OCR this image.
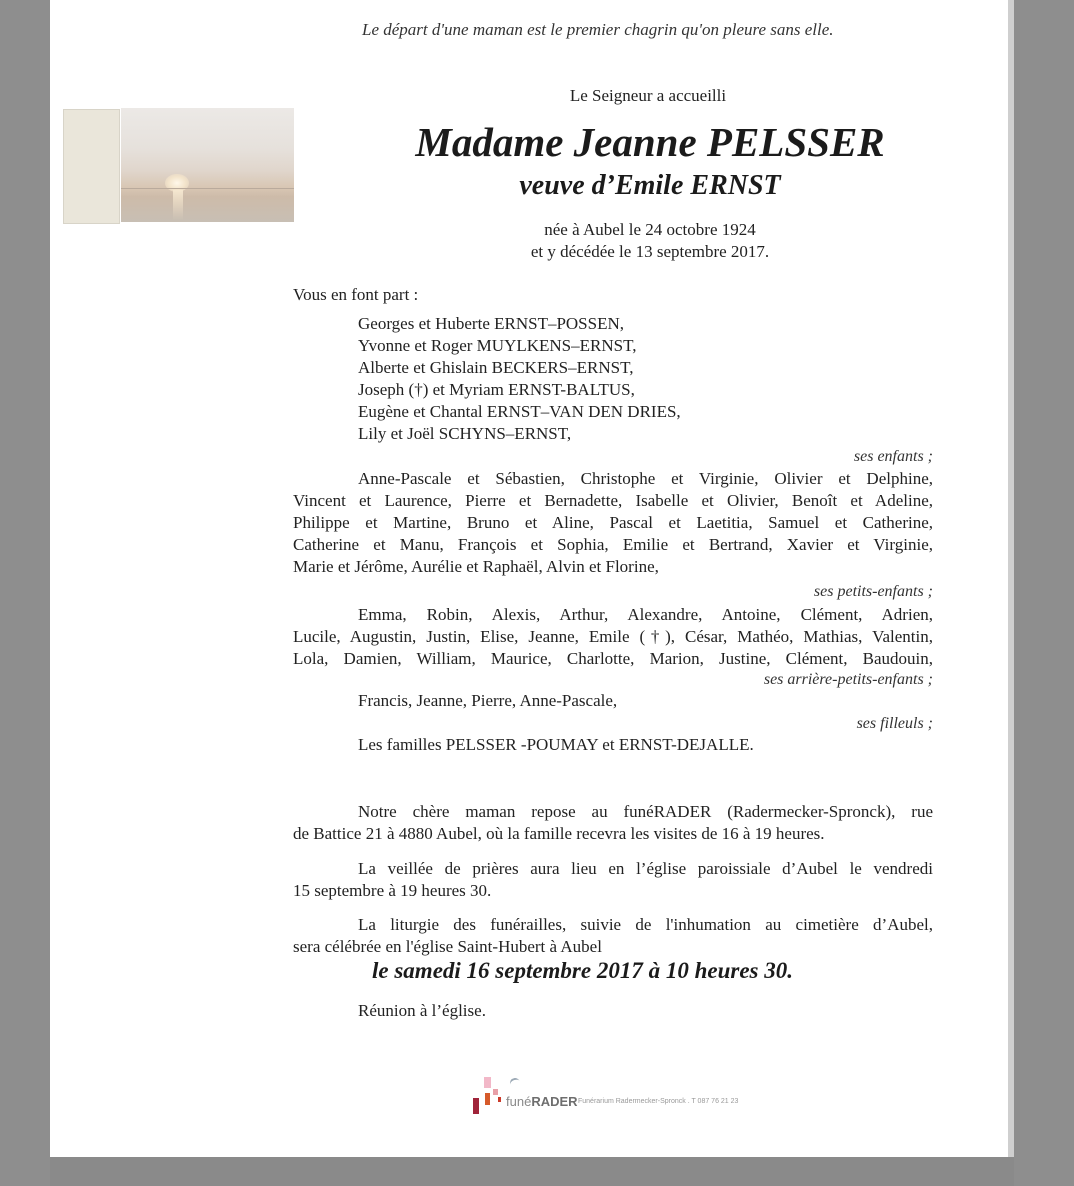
Le départ d'une maman est le premier chagrin qu'on pleure sans elle.
Le Seigneur a accueilli
Madame Jeanne PELSSER
veuve d’Emile ERNST
née à Aubel le 24 octobre 1924
et y décédée le 13 septembre 2017.
Vous en font part :
Georges et Huberte ERNST–POSSEN,
Yvonne et Roger MUYLKENS–ERNST,
Alberte et Ghislain BECKERS–ERNST,
Joseph (†) et Myriam ERNST-BALTUS,
Eugène et Chantal ERNST–VAN DEN DRIES,
Lily et Joël SCHYNS–ERNST,
ses enfants ;
Anne-Pascale et Sébastien, Christophe et Virginie, Olivier et Delphine,
Vincent et Laurence, Pierre et Bernadette, Isabelle et Olivier, Benoît et Adeline,
Philippe et Martine, Bruno et Aline, Pascal et Laetitia, Samuel et Catherine,
Catherine et Manu, François et Sophia, Emilie et Bertrand, Xavier et Virginie,
Marie et Jérôme, Aurélie et Raphaël, Alvin et Florine,
ses petits-enfants ;
Emma, Robin, Alexis, Arthur, Alexandre, Antoine, Clément, Adrien,
Lucile, Augustin, Justin, Elise, Jeanne, Emile (†), César, Mathéo, Mathias, Valentin,
Lola, Damien, William, Maurice, Charlotte, Marion, Justine, Clément, Baudouin,
ses arrière-petits-enfants ;
Francis, Jeanne, Pierre, Anne-Pascale,
ses filleuls ;
Les familles PELSSER -POUMAY et ERNST-DEJALLE.
Notre chère maman repose au funéRADER (Radermecker-Spronck), rue
de Battice 21 à 4880 Aubel, où la famille recevra les visites de 16 à 19 heures.
La veillée de prières aura lieu en l’église paroissiale d’Aubel le vendredi
15 septembre à 19 heures 30.
La liturgie des funérailles, suivie de l'inhumation au cimetière d’Aubel,
sera célébrée en l'église Saint-Hubert à Aubel
le samedi 16 septembre 2017 à 10 heures 30.
Réunion à l’église.
funéRADER Funérarium Radermecker-Spronck . T 087 76 21 23
